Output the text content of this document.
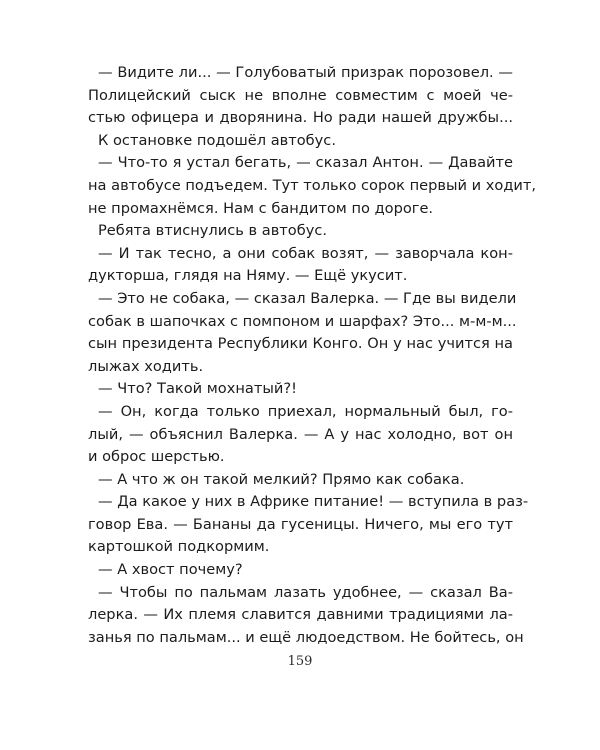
— Видите ли... — Голубоватый призрак порозовел. —
Полицейский сыск не вполне совместим с моей че-
стью офицера и дворянина. Но ради нашей дружбы...
К остановке подошёл автобус.
— Что-то я устал бегать, — сказал Антон. — Давайте
на автобусе подъедем. Тут только сорок первый и ходит,
не промахнёмся. Нам с бандитом по дороге.
Ребята втиснулись в автобус.
— И так тесно, а они собак возят, — заворчала кон-
дукторша, глядя на Няму. — Ещё укусит.
— Это не собака, — сказал Валерка. — Где вы видели
собак в шапочках с помпоном и шарфах? Это... м-м-м...
сын президента Республики Конго. Он у нас учится на
лыжах ходить.
— Что? Такой мохнатый?!
— Он, когда только приехал, нормальный был, го-
лый, — объяснил Валерка. — А у нас холодно, вот он
и оброс шерстью.
— А что ж он такой мелкий? Прямо как собака.
— Да какое у них в Африке питание! — вступила в раз-
говор Ева. — Бананы да гусеницы. Ничего, мы его тут
картошкой подкормим.
— А хвост почему?
— Чтобы по пальмам лазать удобнее, — сказал Ва-
лерка. — Их племя славится давними традициями ла-
занья по пальмам... и ещё людоедством. Не бойтесь, он
159
